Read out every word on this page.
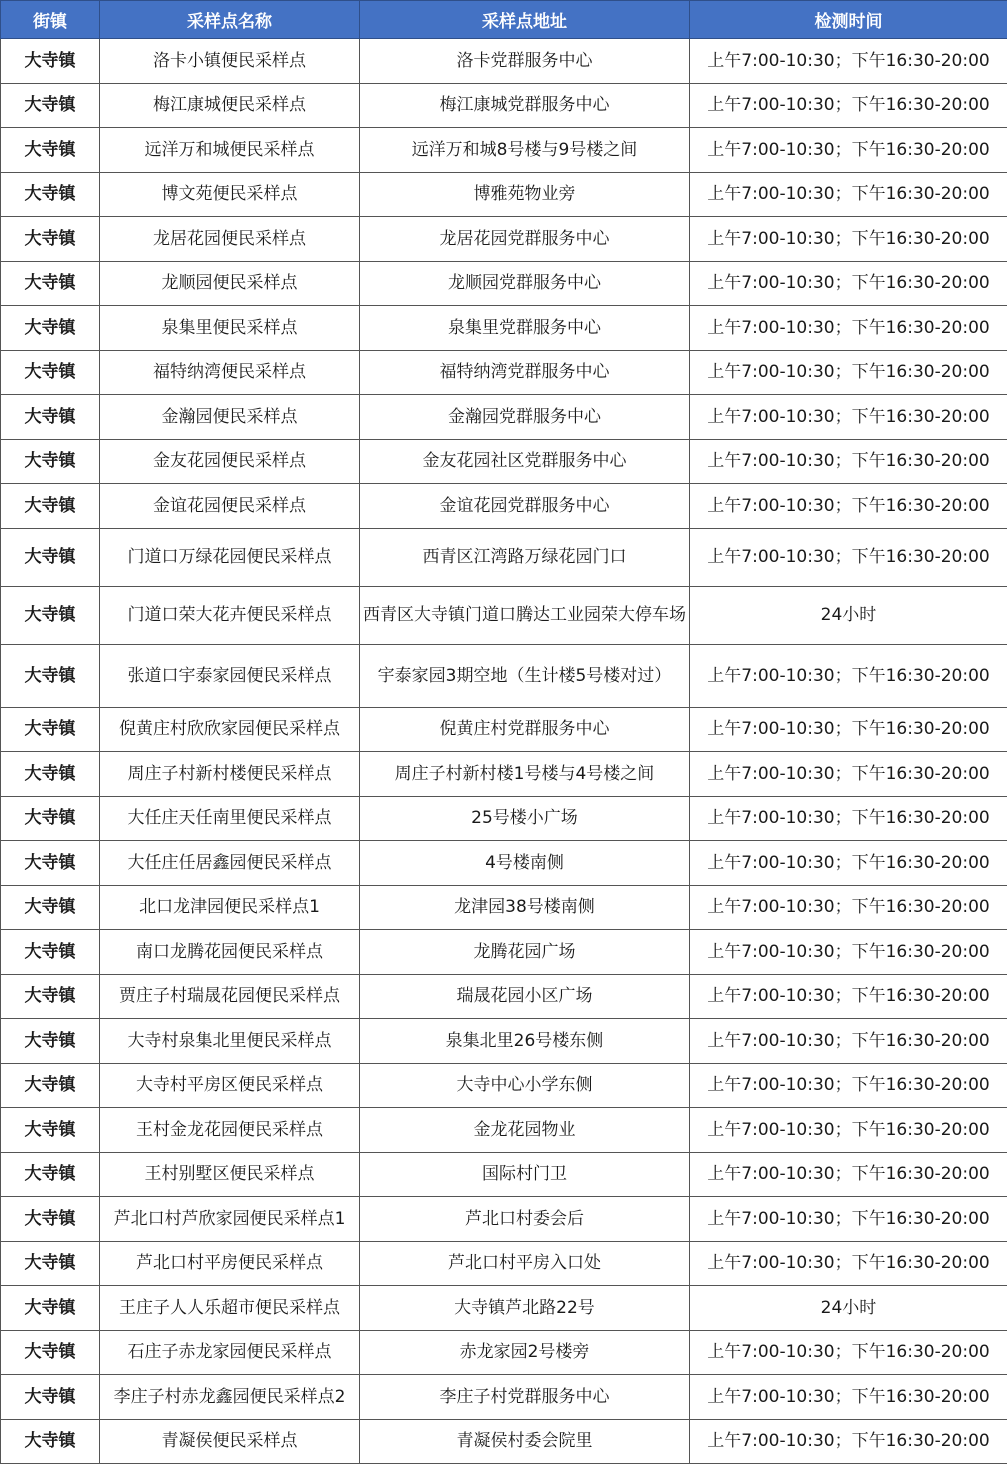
街镇	采样点名称	采样点地址	检测时间
大寺镇	洛卡小镇便民采样点	洛卡党群服务中心	上午7:00-10:30；下午16:30-20:00
大寺镇	梅江康城便民采样点	梅江康城党群服务中心	上午7:00-10:30；下午16:30-20:00
大寺镇	远洋万和城便民采样点	远洋万和城8号楼与9号楼之间	上午7:00-10:30；下午16:30-20:00
大寺镇	博文苑便民采样点	博雅苑物业旁	上午7:00-10:30；下午16:30-20:00
大寺镇	龙居花园便民采样点	龙居花园党群服务中心	上午7:00-10:30；下午16:30-20:00
大寺镇	龙顺园便民采样点	龙顺园党群服务中心	上午7:00-10:30；下午16:30-20:00
大寺镇	泉集里便民采样点	泉集里党群服务中心	上午7:00-10:30；下午16:30-20:00
大寺镇	福特纳湾便民采样点	福特纳湾党群服务中心	上午7:00-10:30；下午16:30-20:00
大寺镇	金瀚园便民采样点	金瀚园党群服务中心	上午7:00-10:30；下午16:30-20:00
大寺镇	金友花园便民采样点	金友花园社区党群服务中心	上午7:00-10:30；下午16:30-20:00
大寺镇	金谊花园便民采样点	金谊花园党群服务中心	上午7:00-10:30；下午16:30-20:00
大寺镇	门道口万绿花园便民采样点	西青区江湾路万绿花园门口	上午7:00-10:30；下午16:30-20:00
大寺镇	门道口荣大花卉便民采样点	西青区大寺镇门道口腾达工业园荣大停车场	24小时
大寺镇	张道口宇泰家园便民采样点	宇泰家园3期空地（生计楼5号楼对过）	上午7:00-10:30；下午16:30-20:00
大寺镇	倪黄庄村欣欣家园便民采样点	倪黄庄村党群服务中心	上午7:00-10:30；下午16:30-20:00
大寺镇	周庄子村新村楼便民采样点	周庄子村新村楼1号楼与4号楼之间	上午7:00-10:30；下午16:30-20:00
大寺镇	大任庄天任南里便民采样点	25号楼小广场	上午7:00-10:30；下午16:30-20:00
大寺镇	大任庄任居鑫园便民采样点	4号楼南侧	上午7:00-10:30；下午16:30-20:00
大寺镇	北口龙津园便民采样点1	龙津园38号楼南侧	上午7:00-10:30；下午16:30-20:00
大寺镇	南口龙腾花园便民采样点	龙腾花园广场	上午7:00-10:30；下午16:30-20:00
大寺镇	贾庄子村瑞晟花园便民采样点	瑞晟花园小区广场	上午7:00-10:30；下午16:30-20:00
大寺镇	大寺村泉集北里便民采样点	泉集北里26号楼东侧	上午7:00-10:30；下午16:30-20:00
大寺镇	大寺村平房区便民采样点	大寺中心小学东侧	上午7:00-10:30；下午16:30-20:00
大寺镇	王村金龙花园便民采样点	金龙花园物业	上午7:00-10:30；下午16:30-20:00
大寺镇	王村别墅区便民采样点	国际村门卫	上午7:00-10:30；下午16:30-20:00
大寺镇	芦北口村芦欣家园便民采样点1	芦北口村委会后	上午7:00-10:30；下午16:30-20:00
大寺镇	芦北口村平房便民采样点	芦北口村平房入口处	上午7:00-10:30；下午16:30-20:00
大寺镇	王庄子人人乐超市便民采样点	大寺镇芦北路22号	24小时
大寺镇	石庄子赤龙家园便民采样点	赤龙家园2号楼旁	上午7:00-10:30；下午16:30-20:00
大寺镇	李庄子村赤龙鑫园便民采样点2	李庄子村党群服务中心	上午7:00-10:30；下午16:30-20:00
大寺镇	青凝侯便民采样点	青凝侯村委会院里	上午7:00-10:30；下午16:30-20:00
